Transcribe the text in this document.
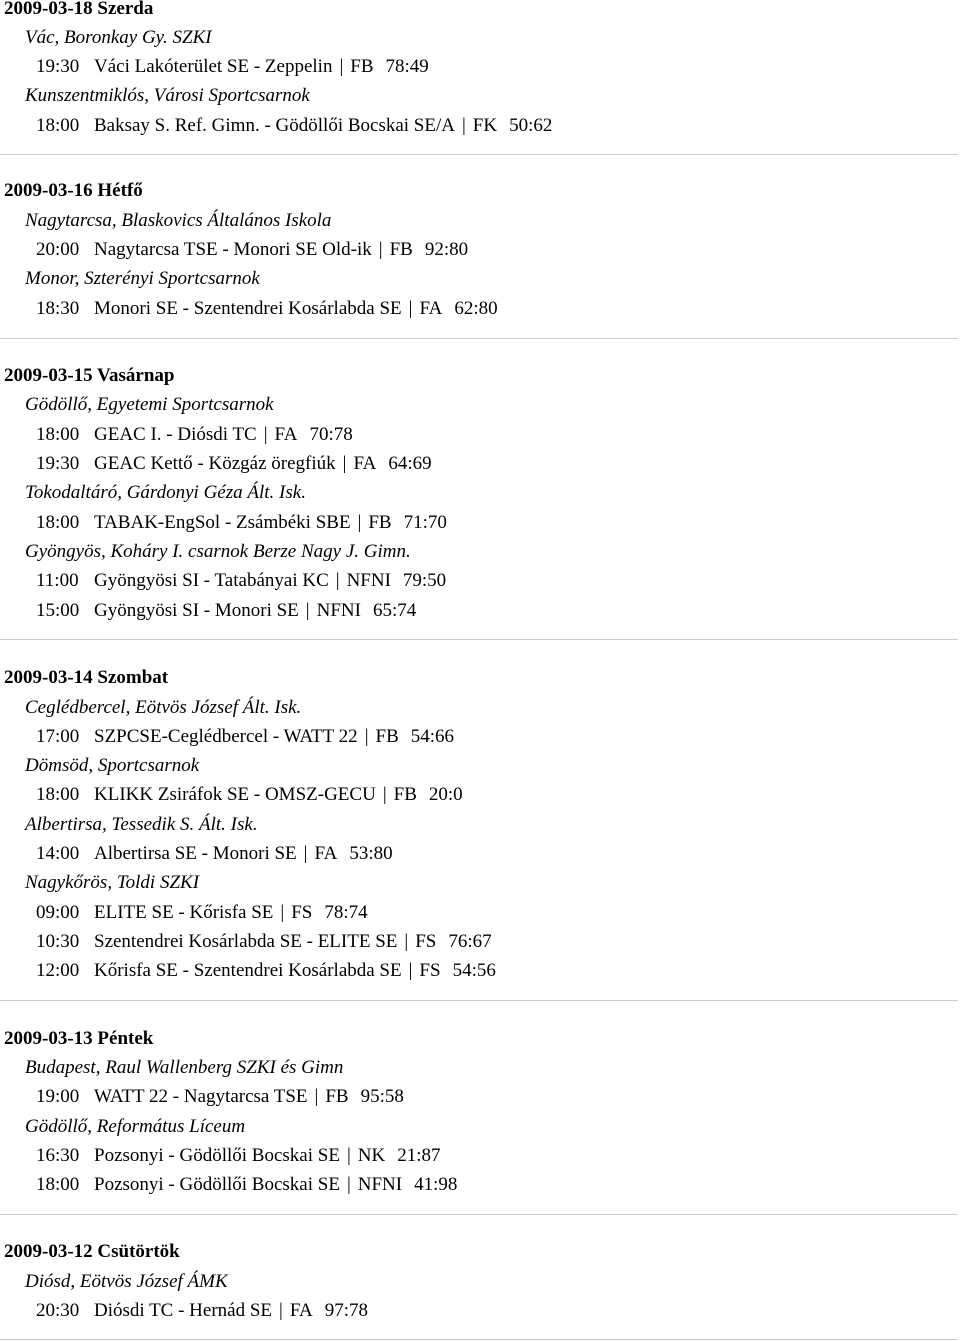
2009-03-18 Szerda
Vác, Boronkay Gy. SZKI
19:30 Váci Lakóterület SE - Zeppelin | FB 78:49
Kunszentmiklós, Városi Sportcsarnok
18:00 Baksay S. Ref. Gimn. - Gödöllői Bocskai SE/A | FK 50:62
2009-03-16 Hétfő
Nagytarcsa, Blaskovics Általános Iskola
20:00 Nagytarcsa TSE - Monori SE Old-ik | FB 92:80
Monor, Szterényi Sportcsarnok
18:30 Monori SE - Szentendrei Kosárlabda SE | FA 62:80
2009-03-15 Vasárnap
Gödöllő, Egyetemi Sportcsarnok
18:00 GEAC I. - Diósdi TC | FA 70:78
19:30 GEAC Kettő - Közgáz öregfiúk | FA 64:69
Tokodaltáró, Gárdonyi Géza Ált. Isk.
18:00 TABAK-EngSol - Zsámbéki SBE | FB 71:70
Gyöngyös, Koháry I. csarnok Berze Nagy J. Gimn.
11:00 Gyöngyösi SI - Tatabányai KC | NFNI 79:50
15:00 Gyöngyösi SI - Monori SE | NFNI 65:74
2009-03-14 Szombat
Ceglédbercel, Eötvös József Ált. Isk.
17:00 SZPCSE-Ceglédbercel - WATT 22 | FB 54:66
Dömsöd, Sportcsarnok
18:00 KLIKK Zsiráfok SE - OMSZ-GECU | FB 20:0
Albertirsa, Tessedik S. Ált. Isk.
14:00 Albertirsa SE - Monori SE | FA 53:80
Nagykőrös, Toldi SZKI
09:00 ELITE SE - Kőrisfa SE | FS 78:74
10:30 Szentendrei Kosárlabda SE - ELITE SE | FS 76:67
12:00 Kőrisfa SE - Szentendrei Kosárlabda SE | FS 54:56
2009-03-13 Péntek
Budapest, Raul Wallenberg SZKI és Gimn
19:00 WATT 22 - Nagytarcsa TSE | FB 95:58
Gödöllő, Református Líceum
16:30 Pozsonyi - Gödöllői Bocskai SE | NK 21:87
18:00 Pozsonyi - Gödöllői Bocskai SE | NFNI 41:98
2009-03-12 Csütörtök
Diósd, Eötvös József ÁMK
20:30 Diósdi TC - Hernád SE | FA 97:78
